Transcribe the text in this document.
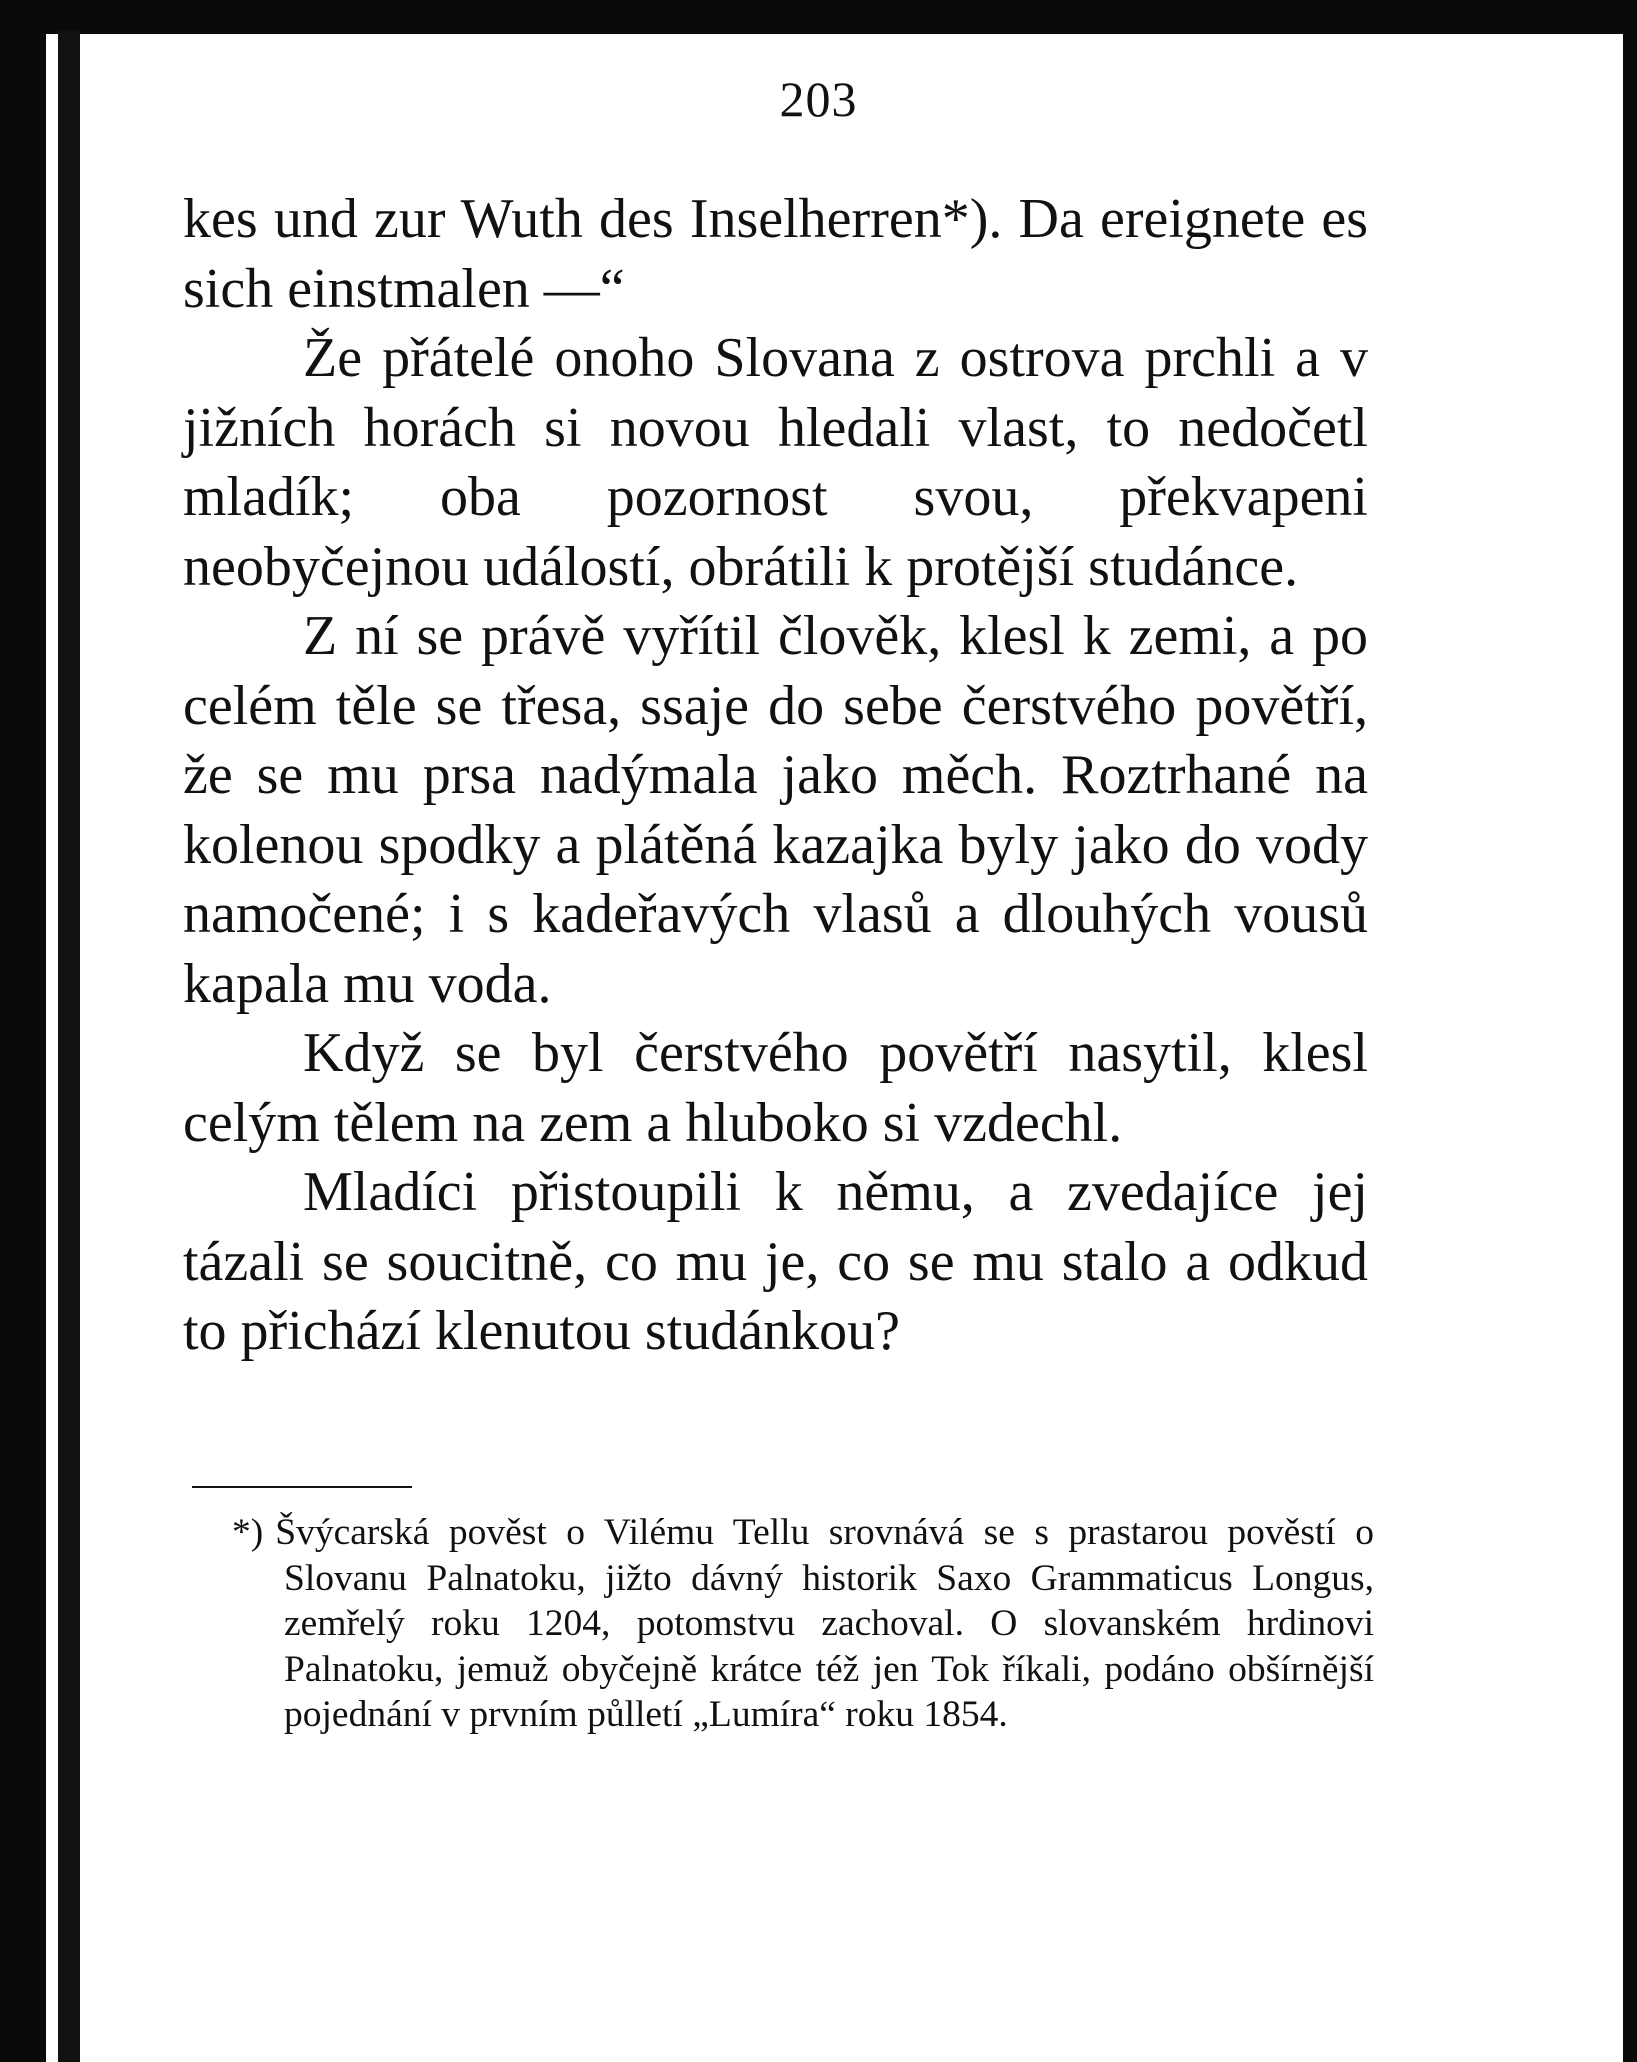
203

kes und zur Wuth des Inselherren*). Da ereignete es sich einstmalen —“

Že přátelé onoho Slovana z ostrova prchli a v jižních horách si novou hledali vlast, to nedočetl mladík; oba pozornost svou, překvapeni neobyčejnou událostí, obrátili k protější studánce.

Z ní se právě vyřítil člověk, klesl k zemi, a po celém těle se třesa, ssaje do sebe čerstvého povětří, že se mu prsa nadýmala jako měch. Roztrhané na kolenou spodky a plátěná kazajka byly jako do vody namočené; i s kadeřavých vlasů a dlouhých vousů kapala mu voda.

Když se byl čerstvého povětří nasytil, klesl celým tělem na zem a hluboko si vzdechl.

Mladíci přistoupili k němu, a zvedajíce jej tázali se soucitně, co mu je, co se mu stalo a odkud to přichází klenutou studánkou?

*) Švýcarská pověst o Vilému Tellu srovnává se s prastarou pověstí o Slovanu Palnatoku, jižto dávný historik Saxo Grammaticus Longus, zemřelý roku 1204, potomstvu zachoval. O slovanském hrdinovi Palnatoku, jemuž obyčejně krátce též jen Tok říkali, podáno obšírnější pojednání v prvním půlletí „Lumíra“ roku 1854.
